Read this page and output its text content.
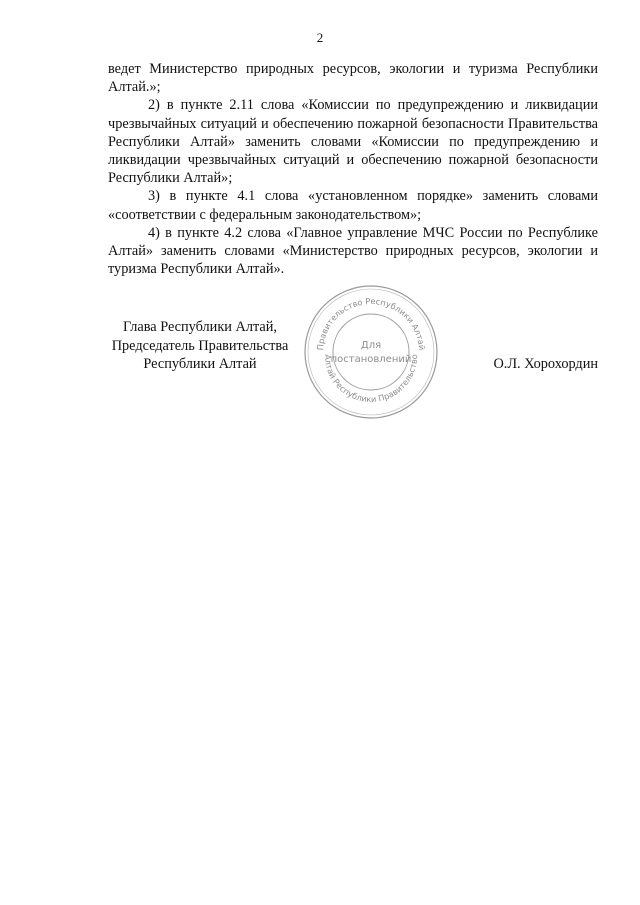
2

ведет Министерство природных ресурсов, экологии и туризма Республики Алтай.»;

2) в пункте 2.11 слова «Комиссии по предупреждению и ликвидации чрезвычайных ситуаций и обеспечению пожарной безопасности Правительства Республики Алтай» заменить словами «Комиссии по предупреждению и ликвидации чрезвычайных ситуаций и обеспечению пожарной безопасности Республики Алтай»;

3) в пункте 4.1 слова «установленном порядке» заменить словами «соответствии с федеральным законодательством»;

4) в пункте 4.2 слова «Главное управление МЧС России по Республике Алтай» заменить словами «Министерство природных ресурсов, экологии и туризма Республики Алтай».

Глава Республики Алтай,
Председатель Правительства
Республики Алтай
Правительство Республики Алтай
Алтай Республики Правительство
Для
постановлений	О.Л. Хорохордин
